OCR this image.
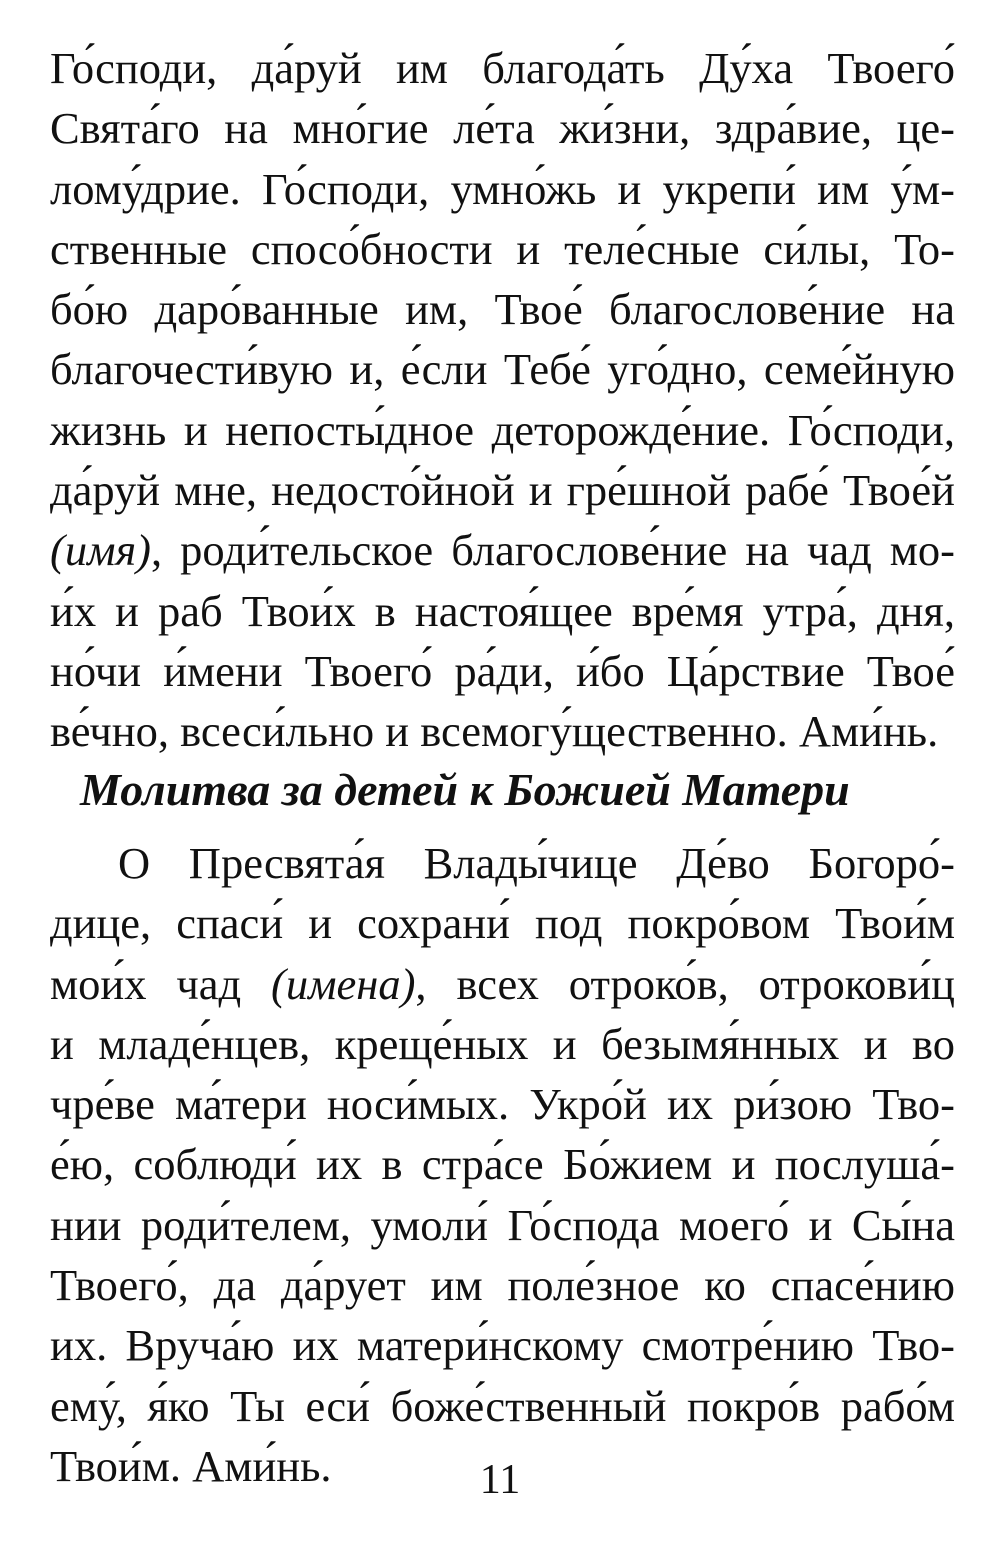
Го́споди, да́руй им благода́ть Ду́ха Твоего́
Свята́го на мно́гие ле́та жи́зни, здра́вие, це-
лому́дрие. Го́споди, умно́жь и укрепи́ им у́м-
ственные спосо́бности и теле́сные си́лы, То-
бо́ю даро́ванные им, Твое́ благослове́ние на
благочести́вую и, е́сли Тебе́ уго́дно, семе́йную
жизнь и непосты́дное деторожде́ние. Го́споди,
да́руй мне, недосто́йной и гре́шной рабе́ Твое́й
(имя), роди́тельское благослове́ние на чад мо-
и́х и раб Твои́х в настоя́щее вре́мя утра́, дня,
но́чи и́мени Твоего́ ра́ди, и́бо Ца́рствие Твое́
ве́чно, всеси́льно и всемогу́щественно. Ами́нь.
Молитва за детей к Божией Матери
О Пресвята́я Влады́чице Де́во Богоро́-
дице, спаси́ и сохрани́ под покро́вом Твои́м
мои́х чад (имена), всех отроко́в, отрокови́ц
и младе́нцев, креще́ных и безымя́нных и во
чре́ве ма́тери носи́мых. Укро́й их ри́зою Тво-
е́ю, соблюди́ их в стра́се Бо́жием и послуша́-
нии роди́телем, умоли́ Го́спода моего́ и Сы́на
Твоего́, да да́рует им поле́зное ко спасе́нию
их. Вруча́ю их матери́нскому смотре́нию Тво-
ему́, я́ко Ты еси́ боже́ственный покро́в рабо́м
Твои́м. Ами́нь.	11
